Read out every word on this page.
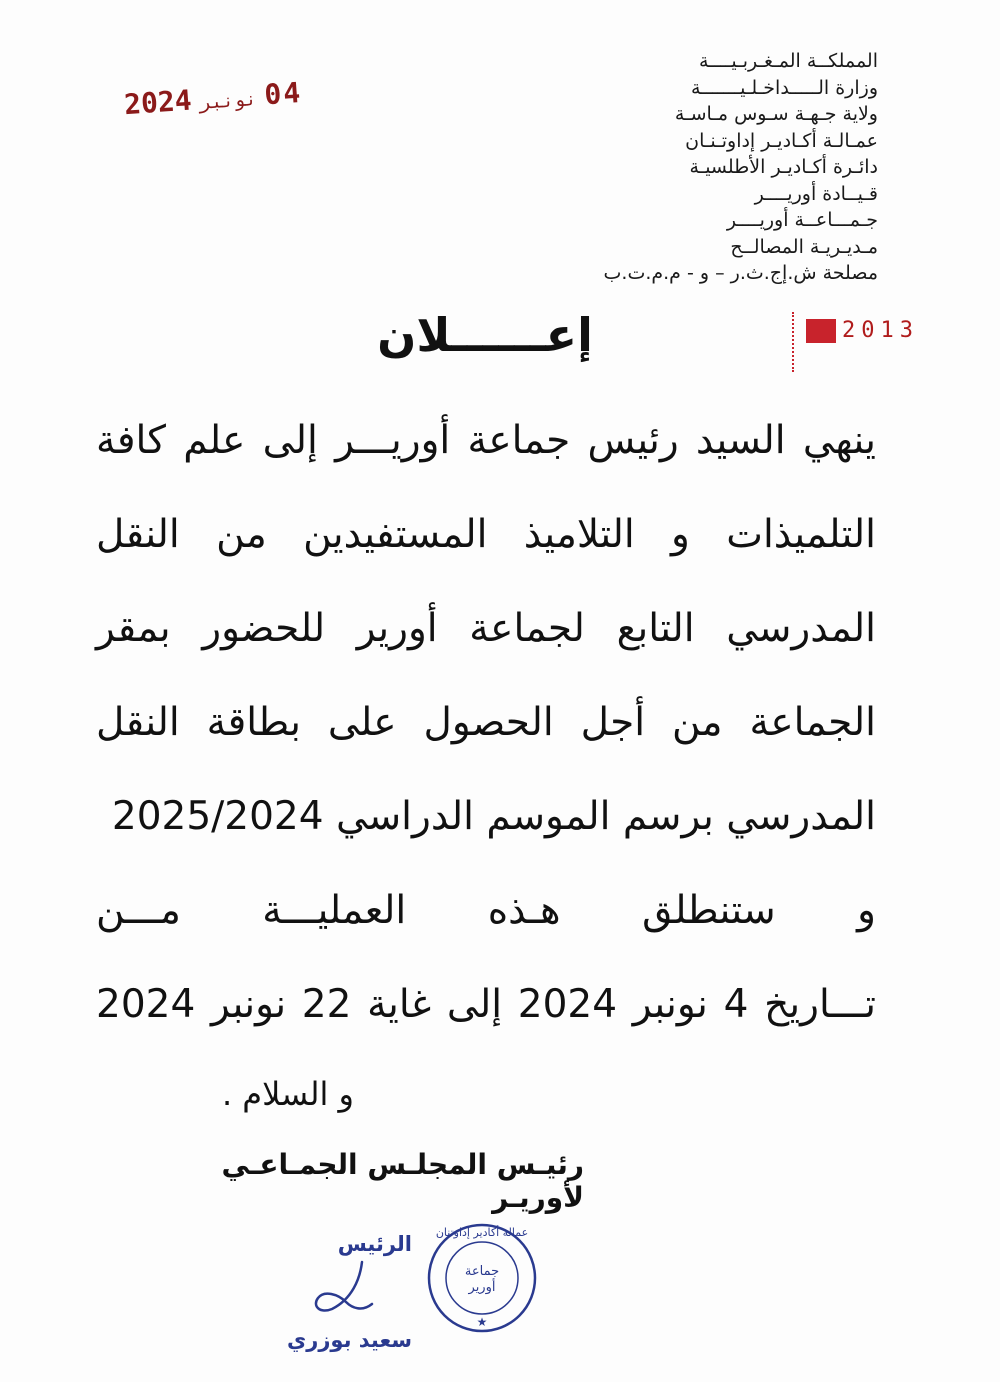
المملكــة المـغـربـيــــة
وزارة الـــــداخـلـيـــــــة
ولاية جـهـة سـوس مـاسـة
عمـالـة أكـاديـر إداوتـنـان
دائـرة أكـاديـر الأطلسيـة
قـيــادة أوريــــر
جـمـــاعــة أوريــــر
مـديـريـة المصالــح
مصلحة ش.إج.ث.ر – و - م.م.ت.ب
2024 نونبر 04
2013
إعــــــلان
ينهي السيد رئيس جماعة أوريـــر إلى علم كافة
التلميذات و التلاميذ المستفيدين من النقل
المدرسي التابع لجماعة أورير للحضور بمقر
الجماعة من أجل الحصول على بطاقة النقل
المدرسي برسم الموسم الدراسي 2025/2024
و ستنطلق هـذه العمليـــة مـــن
تـــاريخ 4 نونبر 2024 إلى غاية 22 نونبر 2024
و السلام .
رئيـس المجلـس الجمـاعـي لأوريـر
الرئيس
سعيد بوزري
★
عمالة أكادير إداوتنان
جماعة
أورير
